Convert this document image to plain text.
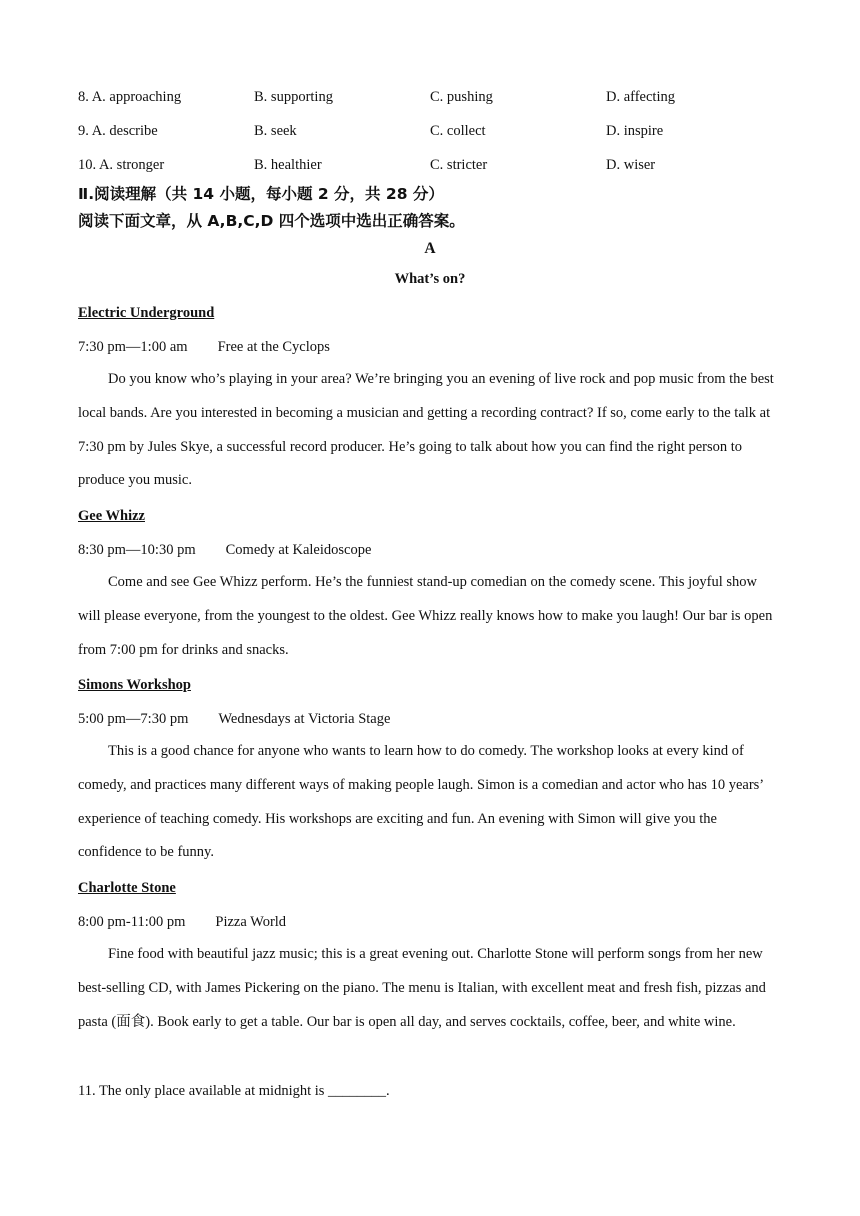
8. A. approaching	B. supporting	C. pushing	D. affecting
9. A. describe	B. seek	C. collect	D. inspire
10. A. stronger	B. healthier	C. stricter	D. wiser
Ⅱ.阅读理解（共 14 小题，每小题 2 分，共 28 分）
阅读下面文章，从 A,B,C,D 四个选项中选出正确答案。
A
What’s on?
Electric Underground
7:30 pm—1:00 am Free at the Cyclops
Do you know who’s playing in your area? We’re bringing you an evening of live rock and pop music from the best local bands. Are you interested in becoming a musician and getting a recording contract? If so, come early to the talk at 7:30 pm by Jules Skye, a successful record producer. He’s going to talk about how you can find the right person to produce you music.
Gee Whizz
8:30 pm—10:30 pm Comedy at Kaleidoscope
Come and see Gee Whizz perform. He’s the funniest stand-up comedian on the comedy scene. This joyful show will please everyone, from the youngest to the oldest. Gee Whizz really knows how to make you laugh! Our bar is open from 7:00 pm for drinks and snacks.
Simons Workshop
5:00 pm—7:30 pm Wednesdays at Victoria Stage
This is a good chance for anyone who wants to learn how to do comedy. The workshop looks at every kind of comedy, and practices many different ways of making people laugh. Simon is a comedian and actor who has 10 years’ experience of teaching comedy. His workshops are exciting and fun. An evening with Simon will give you the confidence to be funny.
Charlotte Stone
8:00 pm-11:00 pm Pizza World
Fine food with beautiful jazz music; this is a great evening out. Charlotte Stone will perform songs from her new best-selling CD, with James Pickering on the piano. The menu is Italian, with excellent meat and fresh fish, pizzas and pasta (面食). Book early to get a table. Our bar is open all day, and serves cocktails, coffee, beer, and white wine.
11. The only place available at midnight is ________.
